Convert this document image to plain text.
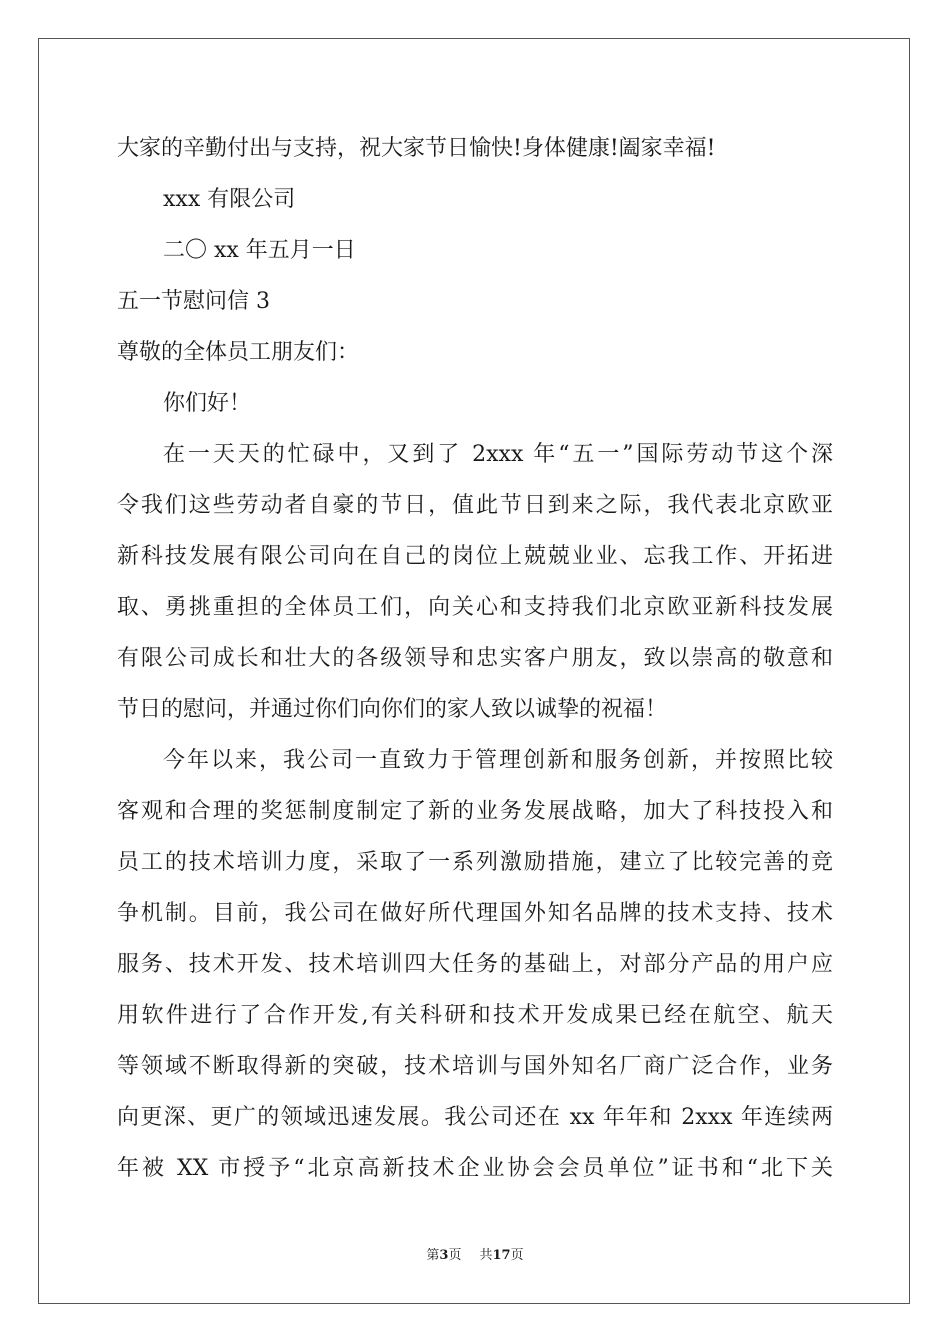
大家的辛勤付出与支持，祝大家节日愉快!身体健康!阖家幸福!
xxx 有限公司
二〇 xx 年五月一日
五一节慰问信 3
尊敬的全体员工朋友们：
你们好！
在一天天的忙碌中，又到了 2xxx 年“五一”国际劳动节这个深
令我们这些劳动者自豪的节日，值此节日到来之际，我代表北京欧亚
新科技发展有限公司向在自己的岗位上兢兢业业、忘我工作、开拓进
取、勇挑重担的全体员工们，向关心和支持我们北京欧亚新科技发展
有限公司成长和壮大的各级领导和忠实客户朋友，致以崇高的敬意和
节日的慰问，并通过你们向你们的家人致以诚挚的祝福！
今年以来，我公司一直致力于管理创新和服务创新，并按照比较
客观和合理的奖惩制度制定了新的业务发展战略，加大了科技投入和
员工的技术培训力度，采取了一系列激励措施，建立了比较完善的竞
争机制。目前，我公司在做好所代理国外知名品牌的技术支持、技术
服务、技术开发、技术培训四大任务的基础上，对部分产品的用户应
用软件进行了合作开发,有关科研和技术开发成果已经在航空、航天
等领域不断取得新的突破，技术培训与国外知名厂商广泛合作，业务
向更深、更广的领域迅速发展。我公司还在 xx 年年和 2xxx 年连续两
年被 XX 市授予“北京高新技术企业协会会员单位”证书和“北下关
第3页 共17页
